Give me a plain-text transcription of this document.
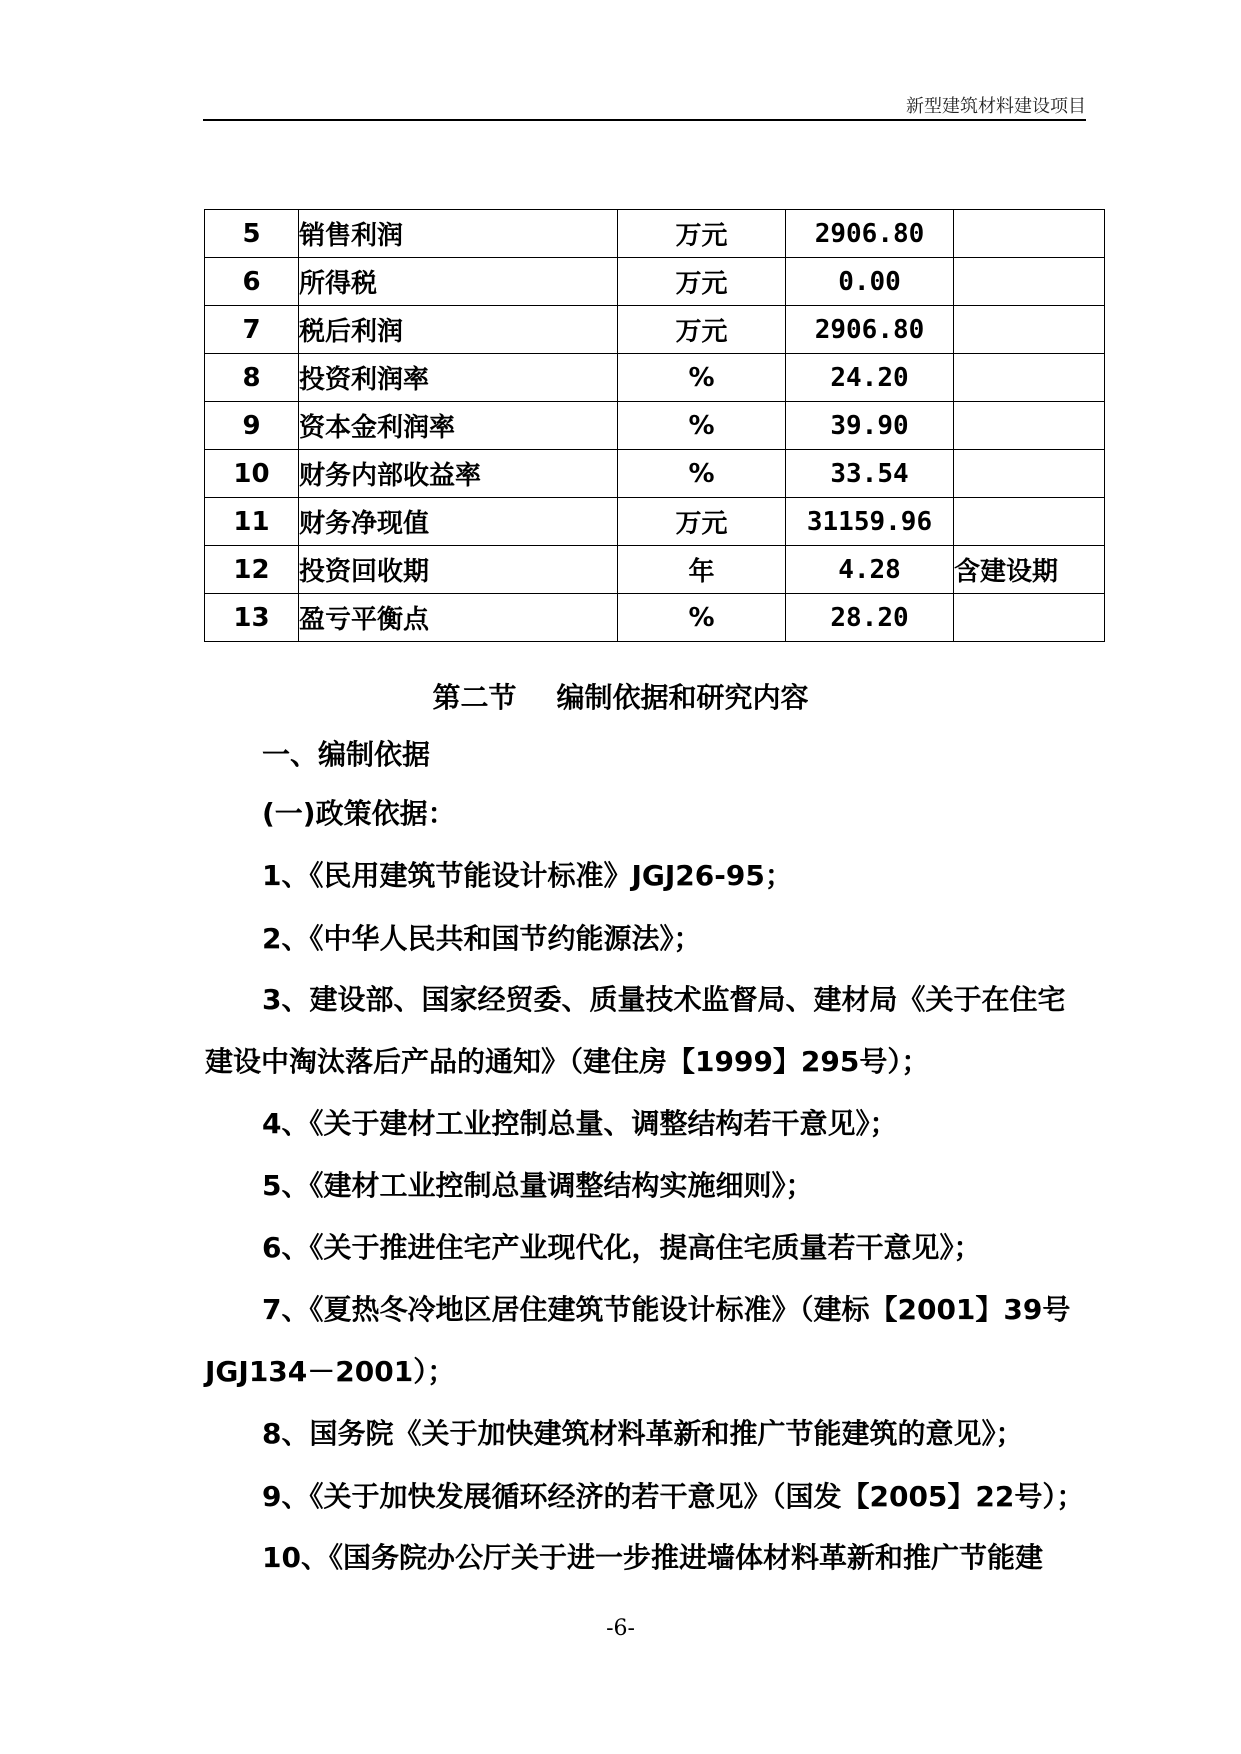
新型建筑材料建设项目
5	销售利润	万元	2906.80	
6	所得税	万元	0.00	
7	税后利润	万元	2906.80	
8	投资利润率	%	24.20	
9	资本金利润率	%	39.90	
10	财务内部收益率	%	33.54	
11	财务净现值	万元	31159.96	
12	投资回收期	年	4.28	含建设期
13	盈亏平衡点	%	28.20	
第二节 编制依据和研究内容
一、编制依据
(一)政策依据：
1、《民用建筑节能设计标准》JGJ26-95；
2、《中华人民共和国节约能源法》；
3、建设部、国家经贸委、质量技术监督局、建材局《关于在住宅
建设中淘汰落后产品的通知》（建住房【1999】295号）；
4、《关于建材工业控制总量、调整结构若干意见》；
5、《建材工业控制总量调整结构实施细则》；
6、《关于推进住宅产业现代化，提高住宅质量若干意见》；
7、《夏热冬冷地区居住建筑节能设计标准》（建标【2001】39号
JGJ134－2001）；
8、国务院《关于加快建筑材料革新和推广节能建筑的意见》；
9、《关于加快发展循环经济的若干意见》（国发【2005】22号）；
10、《国务院办公厅关于进一步推进墙体材料革新和推广节能建
-6-
